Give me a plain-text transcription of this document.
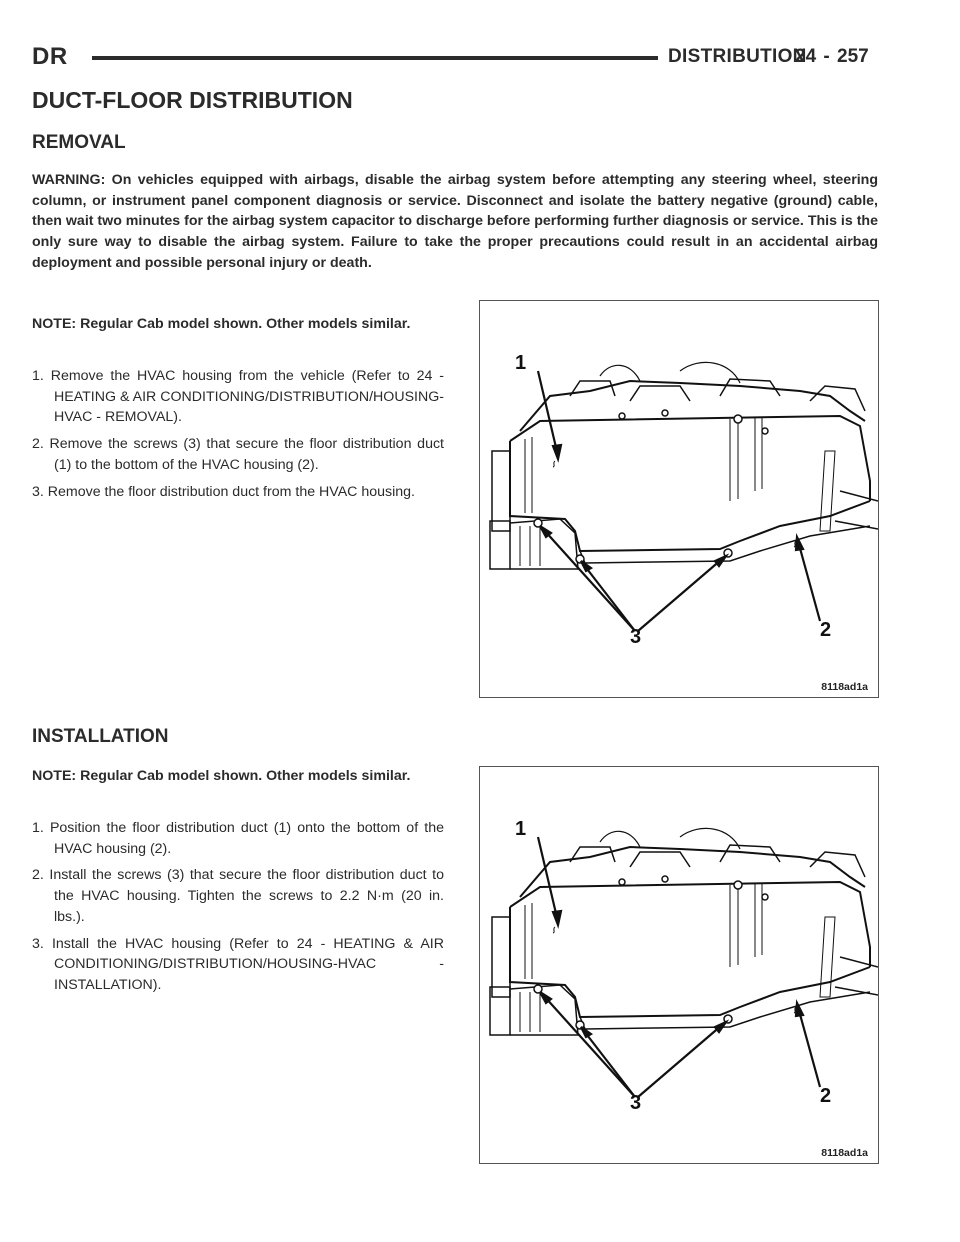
DR	DISTRIBUTION
24 - 257
DUCT-FLOOR DISTRIBUTION
REMOVAL

WARNING: On vehicles equipped with airbags, disable the airbag system before attempting any steering wheel, steering column, or instrument panel component diagnosis or service. Disconnect and isolate the battery negative (ground) cable, then wait two minutes for the airbag system capacitor to discharge before performing further diagnosis or service. This is the only sure way to disable the airbag system. Failure to take the proper precautions could result in an accidental airbag deployment and possible personal injury or death.

NOTE: Regular Cab model shown. Other models similar.

1. Remove the HVAC housing from the vehicle (Refer to 24 - HEATING & AIR CONDITIONING/DISTRIBUTION/HOUSING-HVAC - REMOVAL).
2. Remove the screws (3) that secure the floor distribution duct (1) to the bottom of the HVAC housing (2).
3. Remove the floor distribution duct from the HVAC housing.
1
2
3
8118ad1a
INSTALLATION

NOTE: Regular Cab model shown. Other models similar.

1. Position the floor distribution duct (1) onto the bottom of the HVAC housing (2).
2. Install the screws (3) that secure the floor distribution duct to the HVAC housing. Tighten the screws to 2.2 N·m (20 in. lbs.).
3. Install the HVAC housing (Refer to 24 - HEATING & AIR CONDITIONING/DISTRIBUTION/HOUSING-HVAC - INSTALLATION).
1
2
3
8118ad1a
